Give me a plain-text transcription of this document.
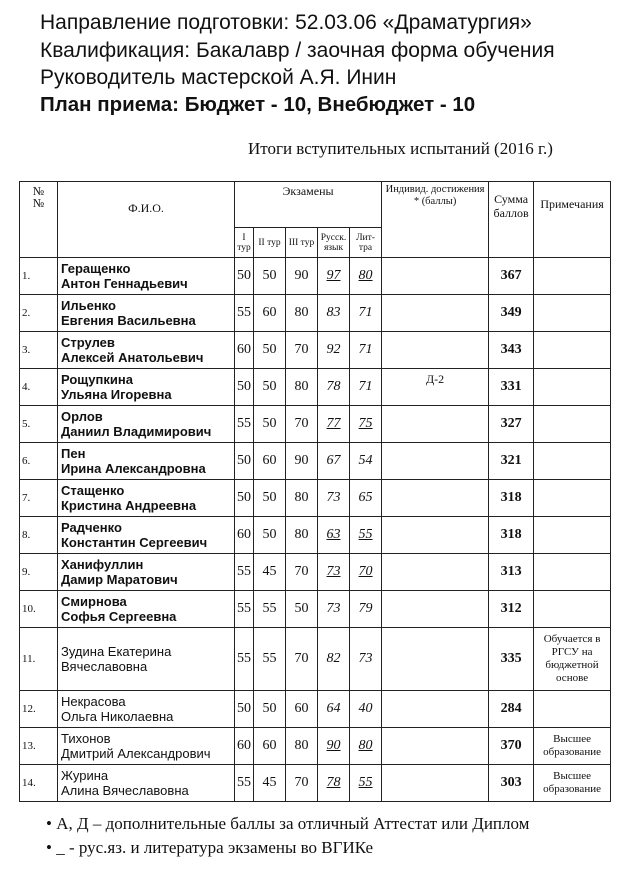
Направление подготовки: 52.03.06 «Драматургия»
Квалификация: Бакалавр / заочная форма обучения
Руководитель мастерской А.Я. Инин
План приема: Бюджет - 10, Внебюджет - 10
Итоги вступительных испытаний (2016 г.)
№
№	Ф.И.О.	Экзамены					Индивид. достижения * (баллы)	Сумма баллов	Примечания
		I тур	II тур	III тур	Русск. язык	Лит-тра			
1.	Геращенко
Антон Геннадьевич	50	50	90	97	80		367	
2.	Ильенко
Евгения Васильевна	55	60	80	83	71		349	
3.	Струлев
Алексей Анатольевич	60	50	70	92	71		343	
4.	Рощупкина
Ульяна Игоревна	50	50	80	78	71	Д-2	331	
5.	Орлов
Даниил Владимирович	55	50	70	77	75		327	
6.	Пен
Ирина Александровна	50	60	90	67	54		321	
7.	Стащенко
Кристина Андреевна	50	50	80	73	65		318	
8.	Радченко
Константин Сергеевич	60	50	80	63	55		318	
9.	Ханифуллин
Дамир Маратович	55	45	70	73	70		313	
10.	Смирнова
Софья Сергеевна	55	55	50	73	79		312	
11.	Зудина Екатерина
Вячеславовна	55	55	70	82	73		335	Обучается в РГСУ на бюджетной основе
12.	Некрасова
Ольга Николаевна	50	50	60	64	40		284	
13.	Тихонов
Дмитрий Александрович	60	60	80	90	80		370	Высшее образование
14.	Журина
Алина Вячеславовна	55	45	70	78	55		303	Высшее образование
• А, Д – дополнительные баллы за отличный Аттестат или Диплом
• _ - рус.яз. и литература экзамены во ВГИКе
